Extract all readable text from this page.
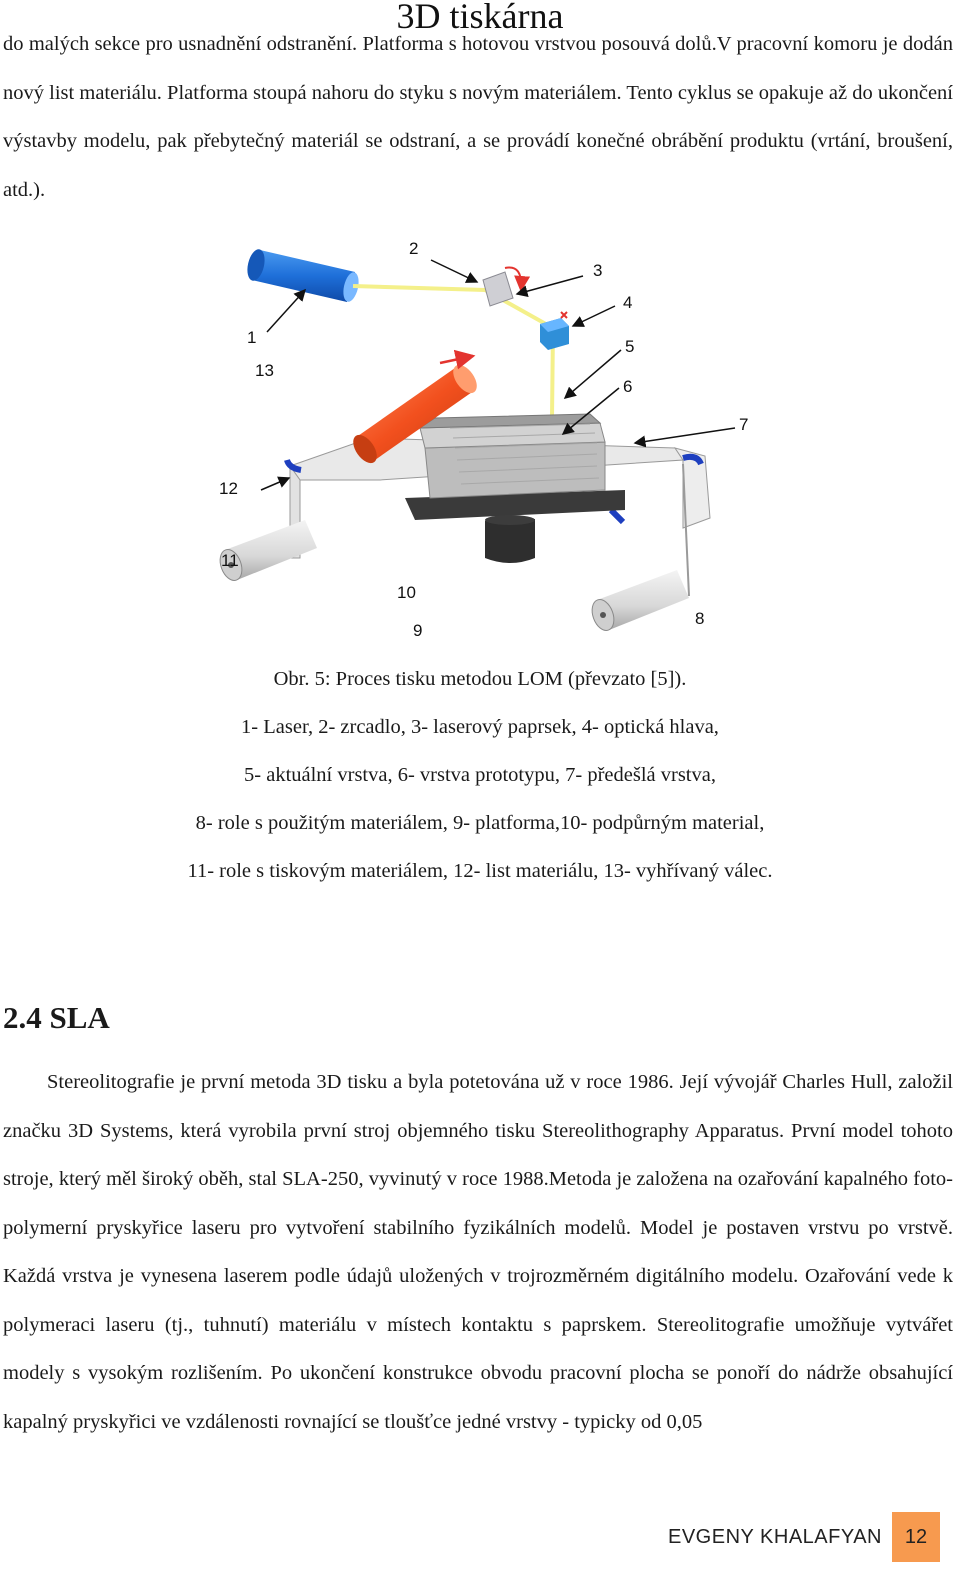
3D tiskárna

do malých sekce pro usnadnění odstranění. Platforma s hotovou vrstvou posouvá dolů.V pracovní komoru je dodán nový list materiálu. Platforma stoupá nahoru do styku s novým materiálem. Tento cyklus se opakuje až do ukončení výstavby modelu, pak přebytečný materiál se odstraní, a se provádí konečné obrábění produktu (vrtání, broušení, atd.).

1
2
3
4
5
6
7
8
9
10
11
12
13

Obr. 5: Proces tisku metodou LOM (převzato [5]).

1- Laser, 2- zrcadlo, 3- laserový paprsek, 4- optická hlava,

5- aktuální vrstva, 6- vrstva prototypu, 7- předešlá vrstva,

8- role s použitým materiálem, 9- platforma,10- podpůrným material,

11- role s tiskovým materiálem, 12- list materiálu, 13- vyhřívaný válec.

2.4 SLA

Stereolitografie je první metoda 3D tisku a byla potetována už v roce 1986. Její vývojář Charles Hull, založil značku 3D Systems, která vyrobila první stroj objemného tisku Stereolithography Apparatus. První model tohoto stroje, který měl široký oběh, stal SLA-250, vyvinutý v roce 1988.Metoda je založena na ozařování kapalného foto-polymerní pryskyřice laseru pro vytvoření stabilního fyzikálních modelů. Model je postaven vrstvu po vrstvě. Každá vrstva je vynesena laserem podle údajů uložených v trojrozměrném digitálního modelu. Ozařování vede k polymeraci laseru (tj., tuhnutí) materiálu v místech kontaktu s paprskem. Stereolitografie umožňuje vytvářet modely s vysokým rozlišením. Po ukončení konstrukce obvodu pracovní plocha se ponoří do nádrže obsahující kapalný pryskyřici ve vzdálenosti rovnající se tloušťce jedné vrstvy - typicky od 0,05

EVGENY KHALAFYAN	12
